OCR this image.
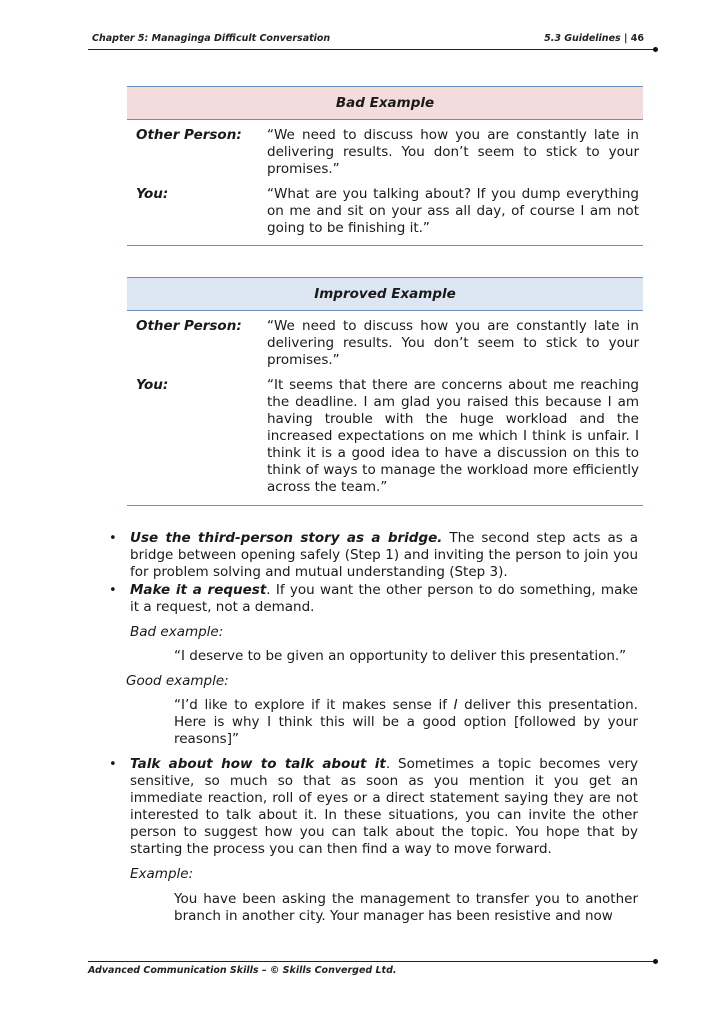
Chapter 5: Managinga Difficult Conversation	5.3 Guidelines | 46
Bad Example
Other Person: “We need to discuss how you are constantly late in delivering results. You don’t seem to stick to your promises.”
You:	“What are you talking about? If you dump everything on me and sit on your ass all day, of course I am not going to be finishing it.”
Improved Example
Other Person: “We need to discuss how you are constantly late in delivering results. You don’t seem to stick to your promises.”
You:	“It seems that there are concerns about me reaching the deadline. I am glad you raised this because I am having trouble with the huge workload and the increased expectations on me which I think is unfair. I think it is a good idea to have a discussion on this to think of ways to manage the workload more efficiently across the team.”
• Use the third-person story as a bridge. The second step acts as a bridge between opening safely (Step 1) and inviting the person to join you for problem solving and mutual understanding (Step 3).
• Make it a request. If you want the other person to do something, make it a request, not a demand.
Bad example:
“I deserve to be given an opportunity to deliver this presentation.”
Good example:
“I’d like to explore if it makes sense if I deliver this presentation. Here is why I think this will be a good option [followed by your reasons]”
• Talk about how to talk about it. Sometimes a topic becomes very sensitive, so much so that as soon as you mention it you get an immediate reaction, roll of eyes or a direct statement saying they are not interested to talk about it. In these situations, you can invite the other person to suggest how you can talk about the topic. You hope that by starting the process you can then find a way to move forward.
Example:
You have been asking the management to transfer you to another branch in another city. Your manager has been resistive and now
Advanced Communication Skills – © Skills Converged Ltd.
